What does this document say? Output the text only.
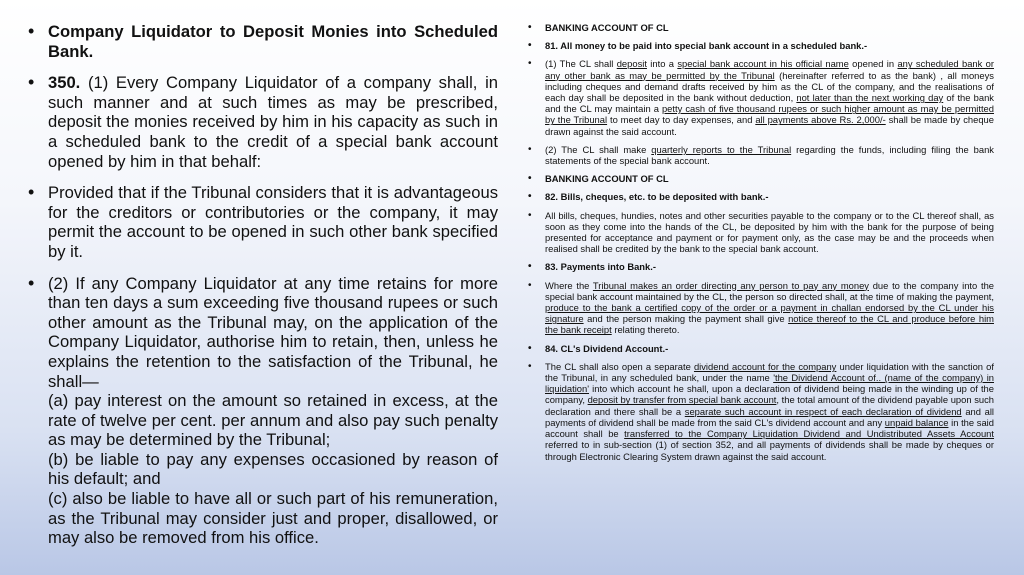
• Company Liquidator to Deposit Monies into Scheduled Bank.
• 350. (1) Every Company Liquidator of a company shall, in such manner and at such times as may be prescribed, deposit the monies received by him in his capacity as such in a scheduled bank to the credit of a special bank account opened by him in that behalf:
• Provided that if the Tribunal considers that it is advantageous for the creditors or contributories or the company, it may permit the account to be opened in such other bank specified by it.
• (2) If any Company Liquidator at any time retains for more than ten days a sum exceeding five thousand rupees or such other amount as the Tribunal may, on the application of the Company Liquidator, authorise him to retain, then, unless he explains the retention to the satisfaction of the Tribunal, he shall—
(a) pay interest on the amount so retained in excess, at the rate of twelve per cent. per annum and also pay such penalty as may be determined by the Tribunal;
(b) be liable to pay any expenses occasioned by reason of his default; and
(c) also be liable to have all or such part of his remuneration, as the Tribunal may consider just and proper, disallowed, or may also be removed from his office.
• BANKING ACCOUNT OF CL
• 81. All money to be paid into special bank account in a scheduled bank.-
• (1) The CL shall deposit into a special bank account in his official name opened in any scheduled bank or any other bank as may be permitted by the Tribunal (hereinafter referred to as the bank) , all moneys including cheques and demand drafts received by him as the CL of the company, and the realisations of each day shall be deposited in the bank without deduction, not later than the next working day of the bank and the CL may maintain a petty cash of five thousand rupees or such higher amount as may be permitted by the Tribunal to meet day to day expenses, and all payments above Rs. 2,000/- shall be made by cheque drawn against the said account.
• (2) The CL shall make quarterly reports to the Tribunal regarding the funds, including filing the bank statements of the special bank account.
• BANKING ACCOUNT OF CL
• 82. Bills, cheques, etc. to be deposited with bank.-
• All bills, cheques, hundies, notes and other securities payable to the company or to the CL thereof shall, as soon as they come into the hands of the CL, be deposited by him with the bank for the purpose of being presented for acceptance and payment or for payment only, as the case may be and the proceeds when realised shall be credited by the bank to the special bank account.
• 83. Payments into Bank.-
• Where the Tribunal makes an order directing any person to pay any money due to the company into the special bank account maintained by the CL, the person so directed shall, at the time of making the payment, produce to the bank a certified copy of the order or a payment in challan endorsed by the CL under his signature and the person making the payment shall give notice thereof to the CL and produce before him the bank receipt relating thereto.
• 84. CL's Dividend Account.-
• The CL shall also open a separate dividend account for the company under liquidation with the sanction of the Tribunal, in any scheduled bank, under the name 'the Dividend Account of.. (name of the company) in liquidation' into which account he shall, upon a declaration of dividend being made in the winding up of the company, deposit by transfer from special bank account, the total amount of the dividend payable upon such declaration and there shall be a separate such account in respect of each declaration of dividend and all payments of dividend shall be made from the said CL's dividend account and any unpaid balance in the said account shall be transferred to the Company Liquidation Dividend and Undistributed Assets Account referred to in sub-section (1) of section 352, and all payments of dividends shall be made by cheques or through Electronic Clearing System drawn against the said account.
